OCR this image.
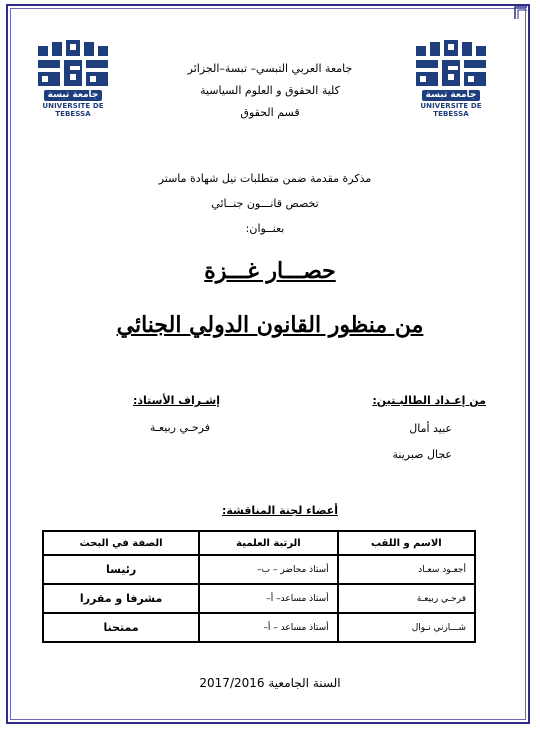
جامعة تبسة
UNIVERSITE DE TEBESSA
جامعة تبسة
UNIVERSITE DE TEBESSA
جامعة العربي التبسي– تبسة–الجزائر
كلية الحقوق و العلوم السياسية
قسم الحقوق
مذكرة مقدمة ضمن متطلبات نيل شهادة ماستر
تخصص قانـــون جنــائي
بعنــوان:
حصـــار غـــزة
من منظور القانون الدولي الجنائي
من إعـداد الطالبـتين:
عبيد أمال
عجال صبرينة
إشـراف الأستاذ:
فرحـي ربيعـة
أعضاء لجنة المناقشة:
الاسم و اللقب	الرتبة العلمية	الصفة في البحث
أجعـود سعـاد	أستاذ محاضر – ب–	رئيسا
فرحـي ربيعـة	أستاذ مساعد– أ–	مشرفا و مقررا
شـــارني نـوال	أستاذ مساعد – أ–	ممتحنا
السنة الجامعية 2017/2016
